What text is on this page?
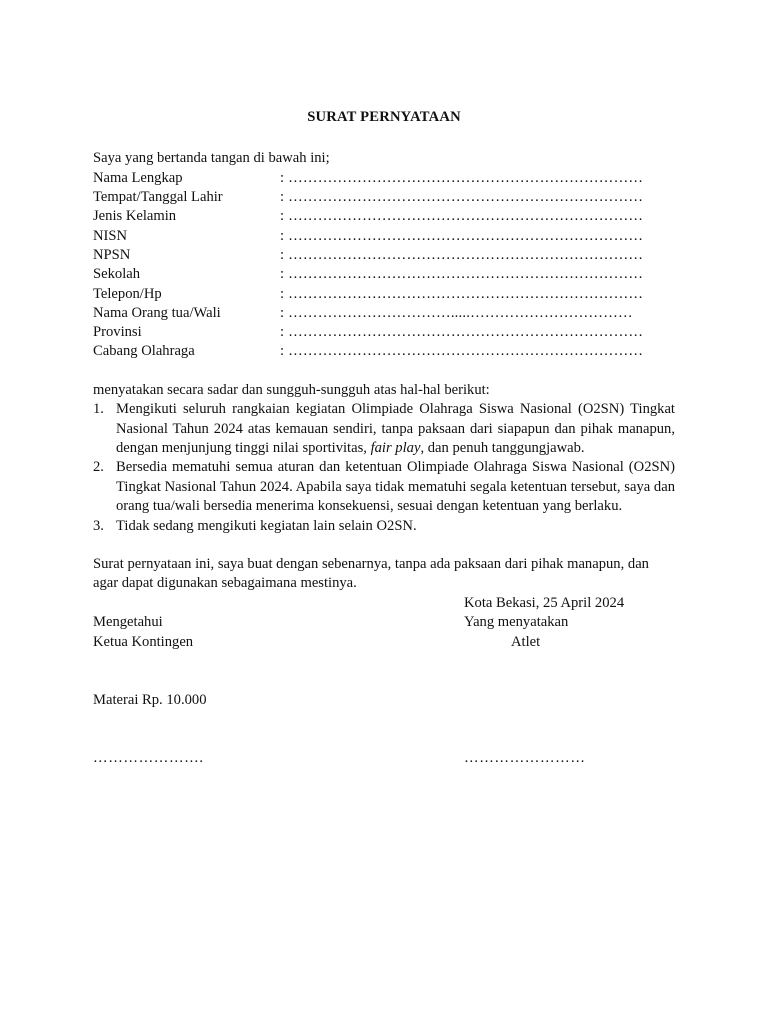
SURAT PERNYATAAN

Saya yang bertanda tangan di bawah ini;

Nama Lengkap	: ………………………………………………………………
Tempat/Tanggal Lahir	: ………………………………………………………………
Jenis Kelamin	: ………………………………………………………………
NISN	: ………………………………………………………………
NPSN	: ………………………………………………………………
Sekolah	: ………………………………………………………………
Telepon/Hp	: ………………………………………………………………
Nama Orang tua/Wali	: …………………………….....……………………………
Provinsi	: ………………………………………………………………
Cabang Olahraga	: ………………………………………………………………

menyatakan secara sadar dan sungguh-sungguh atas hal-hal berikut:

1. Mengikuti seluruh rangkaian kegiatan Olimpiade Olahraga Siswa Nasional (O2SN) Tingkat Nasional Tahun 2024 atas kemauan sendiri, tanpa paksaan dari siapapun dan pihak manapun, dengan menjunjung tinggi nilai sportivitas, fair play, dan penuh tanggungjawab.
2. Bersedia mematuhi semua aturan dan ketentuan Olimpiade Olahraga Siswa Nasional (O2SN) Tingkat Nasional Tahun 2024. Apabila saya tidak mematuhi segala ketentuan tersebut, saya dan orang tua/wali bersedia menerima konsekuensi, sesuai dengan ketentuan yang berlaku.
3. Tidak sedang mengikuti kegiatan lain selain O2SN.

Surat pernyataan ini, saya buat dengan sebenarnya, tanpa ada paksaan dari pihak manapun, dan agar dapat digunakan sebagaimana mestinya.

Mengetahui
Ketua Kontingen

Materai Rp. 10.000

………………….
Kota Bekasi, 25 April 2024
Yang menyatakan
Atlet

……………………
